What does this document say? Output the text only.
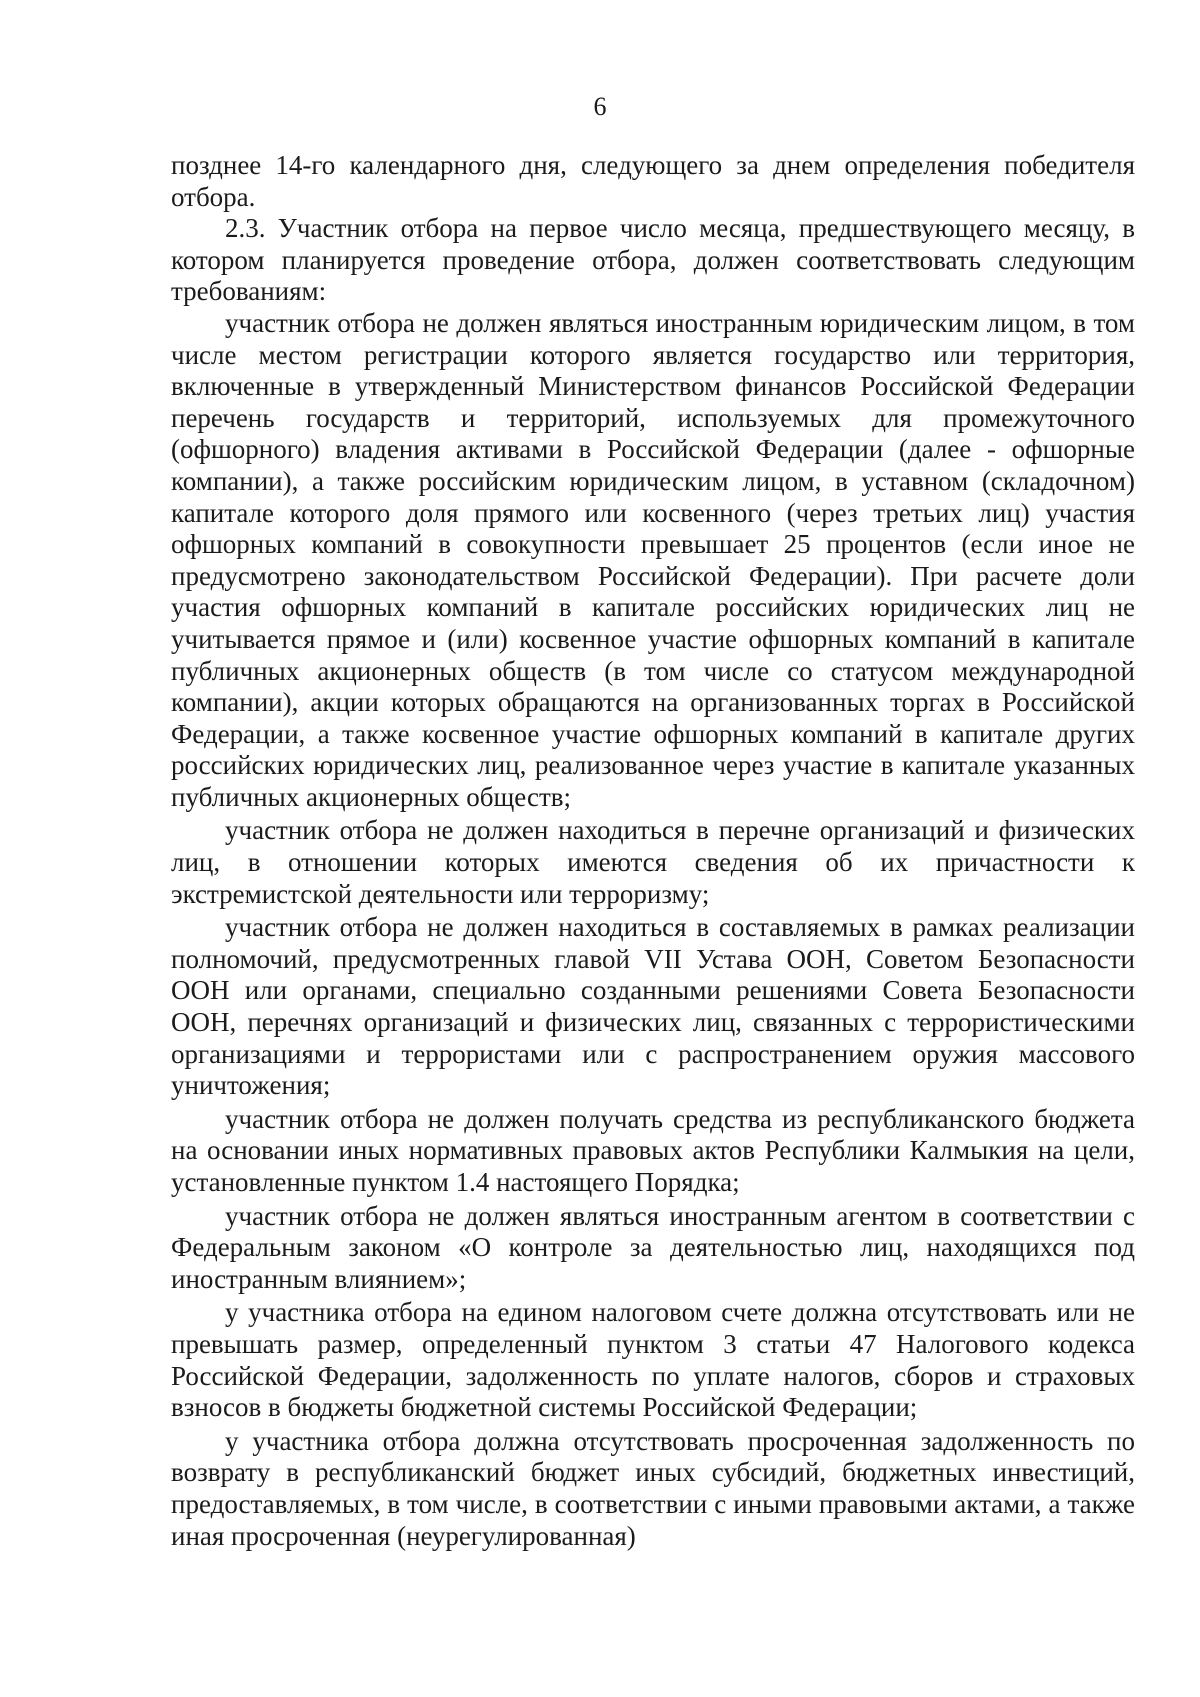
6

позднее 14-го календарного дня, следующего за днем определения победителя отбора.

2.3. Участник отбора на первое число месяца, предшествующего месяцу, в котором планируется проведение отбора, должен соответствовать следующим требованиям:

участник отбора не должен являться иностранным юридическим лицом, в том числе местом регистрации которого является государство или территория, включенные в утвержденный Министерством финансов Российской Федерации перечень государств и территорий, используемых для промежуточного (офшорного) владения активами в Российской Федерации (далее - офшорные компании), а также российским юридическим лицом, в уставном (складочном) капитале которого доля прямого или косвенного (через третьих лиц) участия офшорных компаний в совокупности превышает 25 процентов (если иное не предусмотрено законодательством Российской Федерации). При расчете доли участия офшорных компаний в капитале российских юридических лиц не учитывается прямое и (или) косвенное участие офшорных компаний в капитале публичных акционерных обществ (в том числе со статусом международной компании), акции которых обращаются на организованных торгах в Российской Федерации, а также косвенное участие офшорных компаний в капитале других российских юридических лиц, реализованное через участие в капитале указанных публичных акционерных обществ;

участник отбора не должен находиться в перечне организаций и физических лиц, в отношении которых имеются сведения об их причастности к экстремистской деятельности или терроризму;

участник отбора не должен находиться в составляемых в рамках реализации полномочий, предусмотренных главой VII Устава ООН, Советом Безопасности ООН или органами, специально созданными решениями Совета Безопасности ООН, перечнях организаций и физических лиц, связанных с террористическими организациями и террористами или с распространением оружия массового уничтожения;

участник отбора не должен получать средства из республиканского бюджета на основании иных нормативных правовых актов Республики Калмыкия на цели, установленные пунктом 1.4 настоящего Порядка;

участник отбора не должен являться иностранным агентом в соответствии с Федеральным законом «О контроле за деятельностью лиц, находящихся под иностранным влиянием»;

у участника отбора на едином налоговом счете должна отсутствовать или не превышать размер, определенный пунктом 3 статьи 47 Налогового кодекса Российской Федерации, задолженность по уплате налогов, сборов и страховых взносов в бюджеты бюджетной системы Российской Федерации;

у участника отбора должна отсутствовать просроченная задолженность по возврату в республиканский бюджет иных субсидий, бюджетных инвестиций, предоставляемых, в том числе, в соответствии с иными правовыми актами, а также иная просроченная (неурегулированная)
